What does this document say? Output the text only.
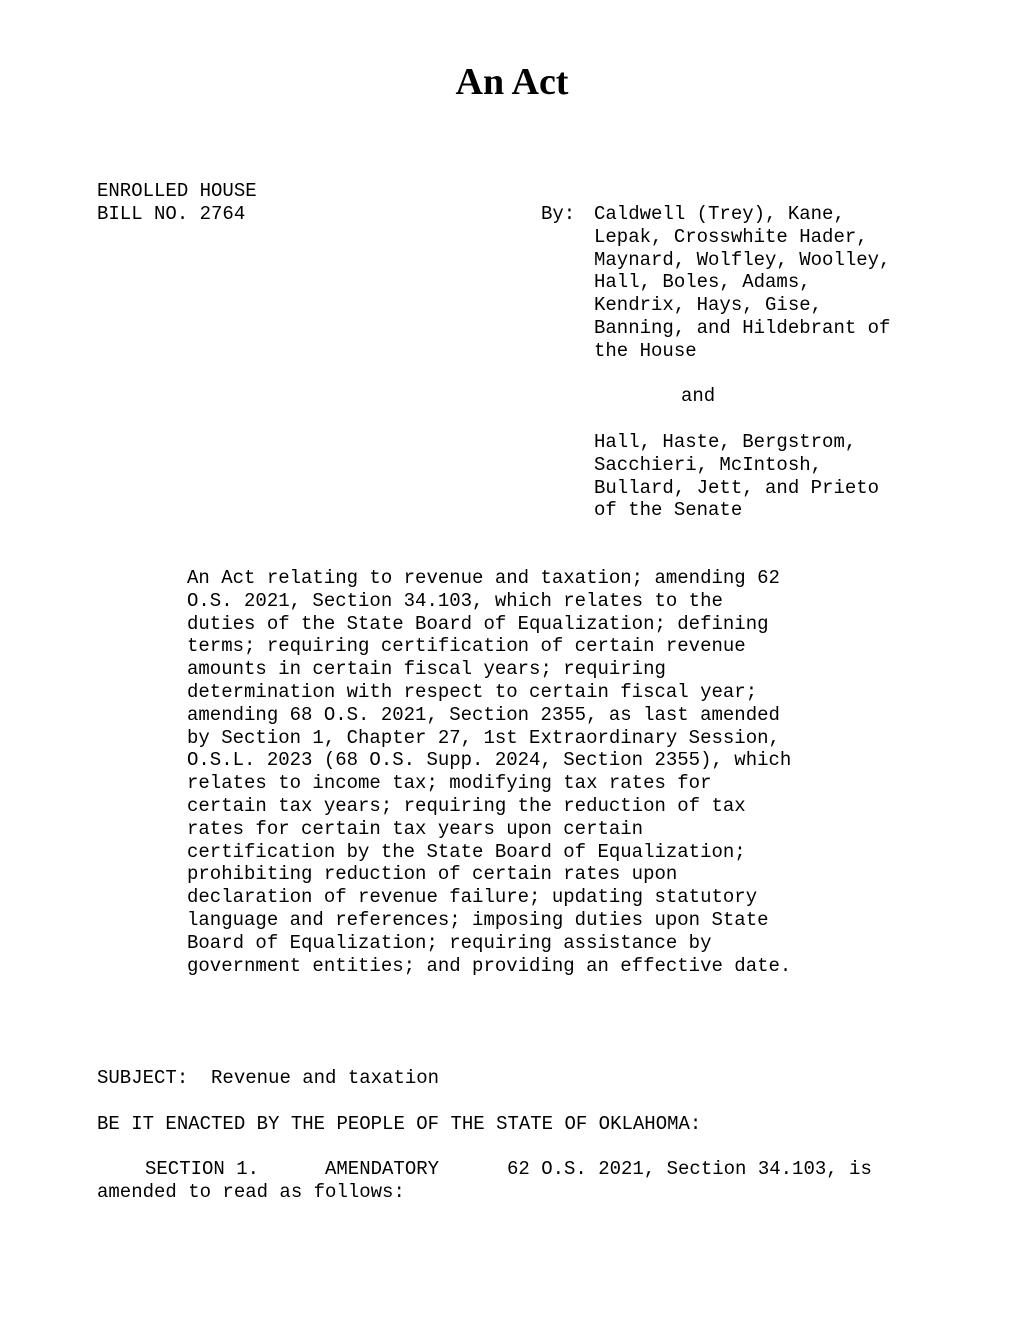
An Act
ENROLLED HOUSE
BILL NO. 2764	By: Caldwell (Trey), Kane,
Lepak, Crosswhite Hader,
Maynard, Wolfley, Woolley,
Hall, Boles, Adams,
Kendrix, Hays, Gise,
Banning, and Hildebrant of
the House
and
Hall, Haste, Bergstrom,
Sacchieri, McIntosh,
Bullard, Jett, and Prieto
of the Senate
An Act relating to revenue and taxation; amending 62
O.S. 2021, Section 34.103, which relates to the
duties of the State Board of Equalization; defining
terms; requiring certification of certain revenue
amounts in certain fiscal years; requiring
determination with respect to certain fiscal year;
amending 68 O.S. 2021, Section 2355, as last amended
by Section 1, Chapter 27, 1st Extraordinary Session,
O.S.L. 2023 (68 O.S. Supp. 2024, Section 2355), which
relates to income tax; modifying tax rates for
certain tax years; requiring the reduction of tax
rates for certain tax years upon certain
certification by the State Board of Equalization;
prohibiting reduction of certain rates upon
declaration of revenue failure; updating statutory
language and references; imposing duties upon State
Board of Equalization; requiring assistance by
government entities; and providing an effective date.
SUBJECT: Revenue and taxation
BE IT ENACTED BY THE PEOPLE OF THE STATE OF OKLAHOMA:
SECTION 1.	AMENDATORY	62 O.S. 2021, Section 34.103, is
amended to read as follows:
